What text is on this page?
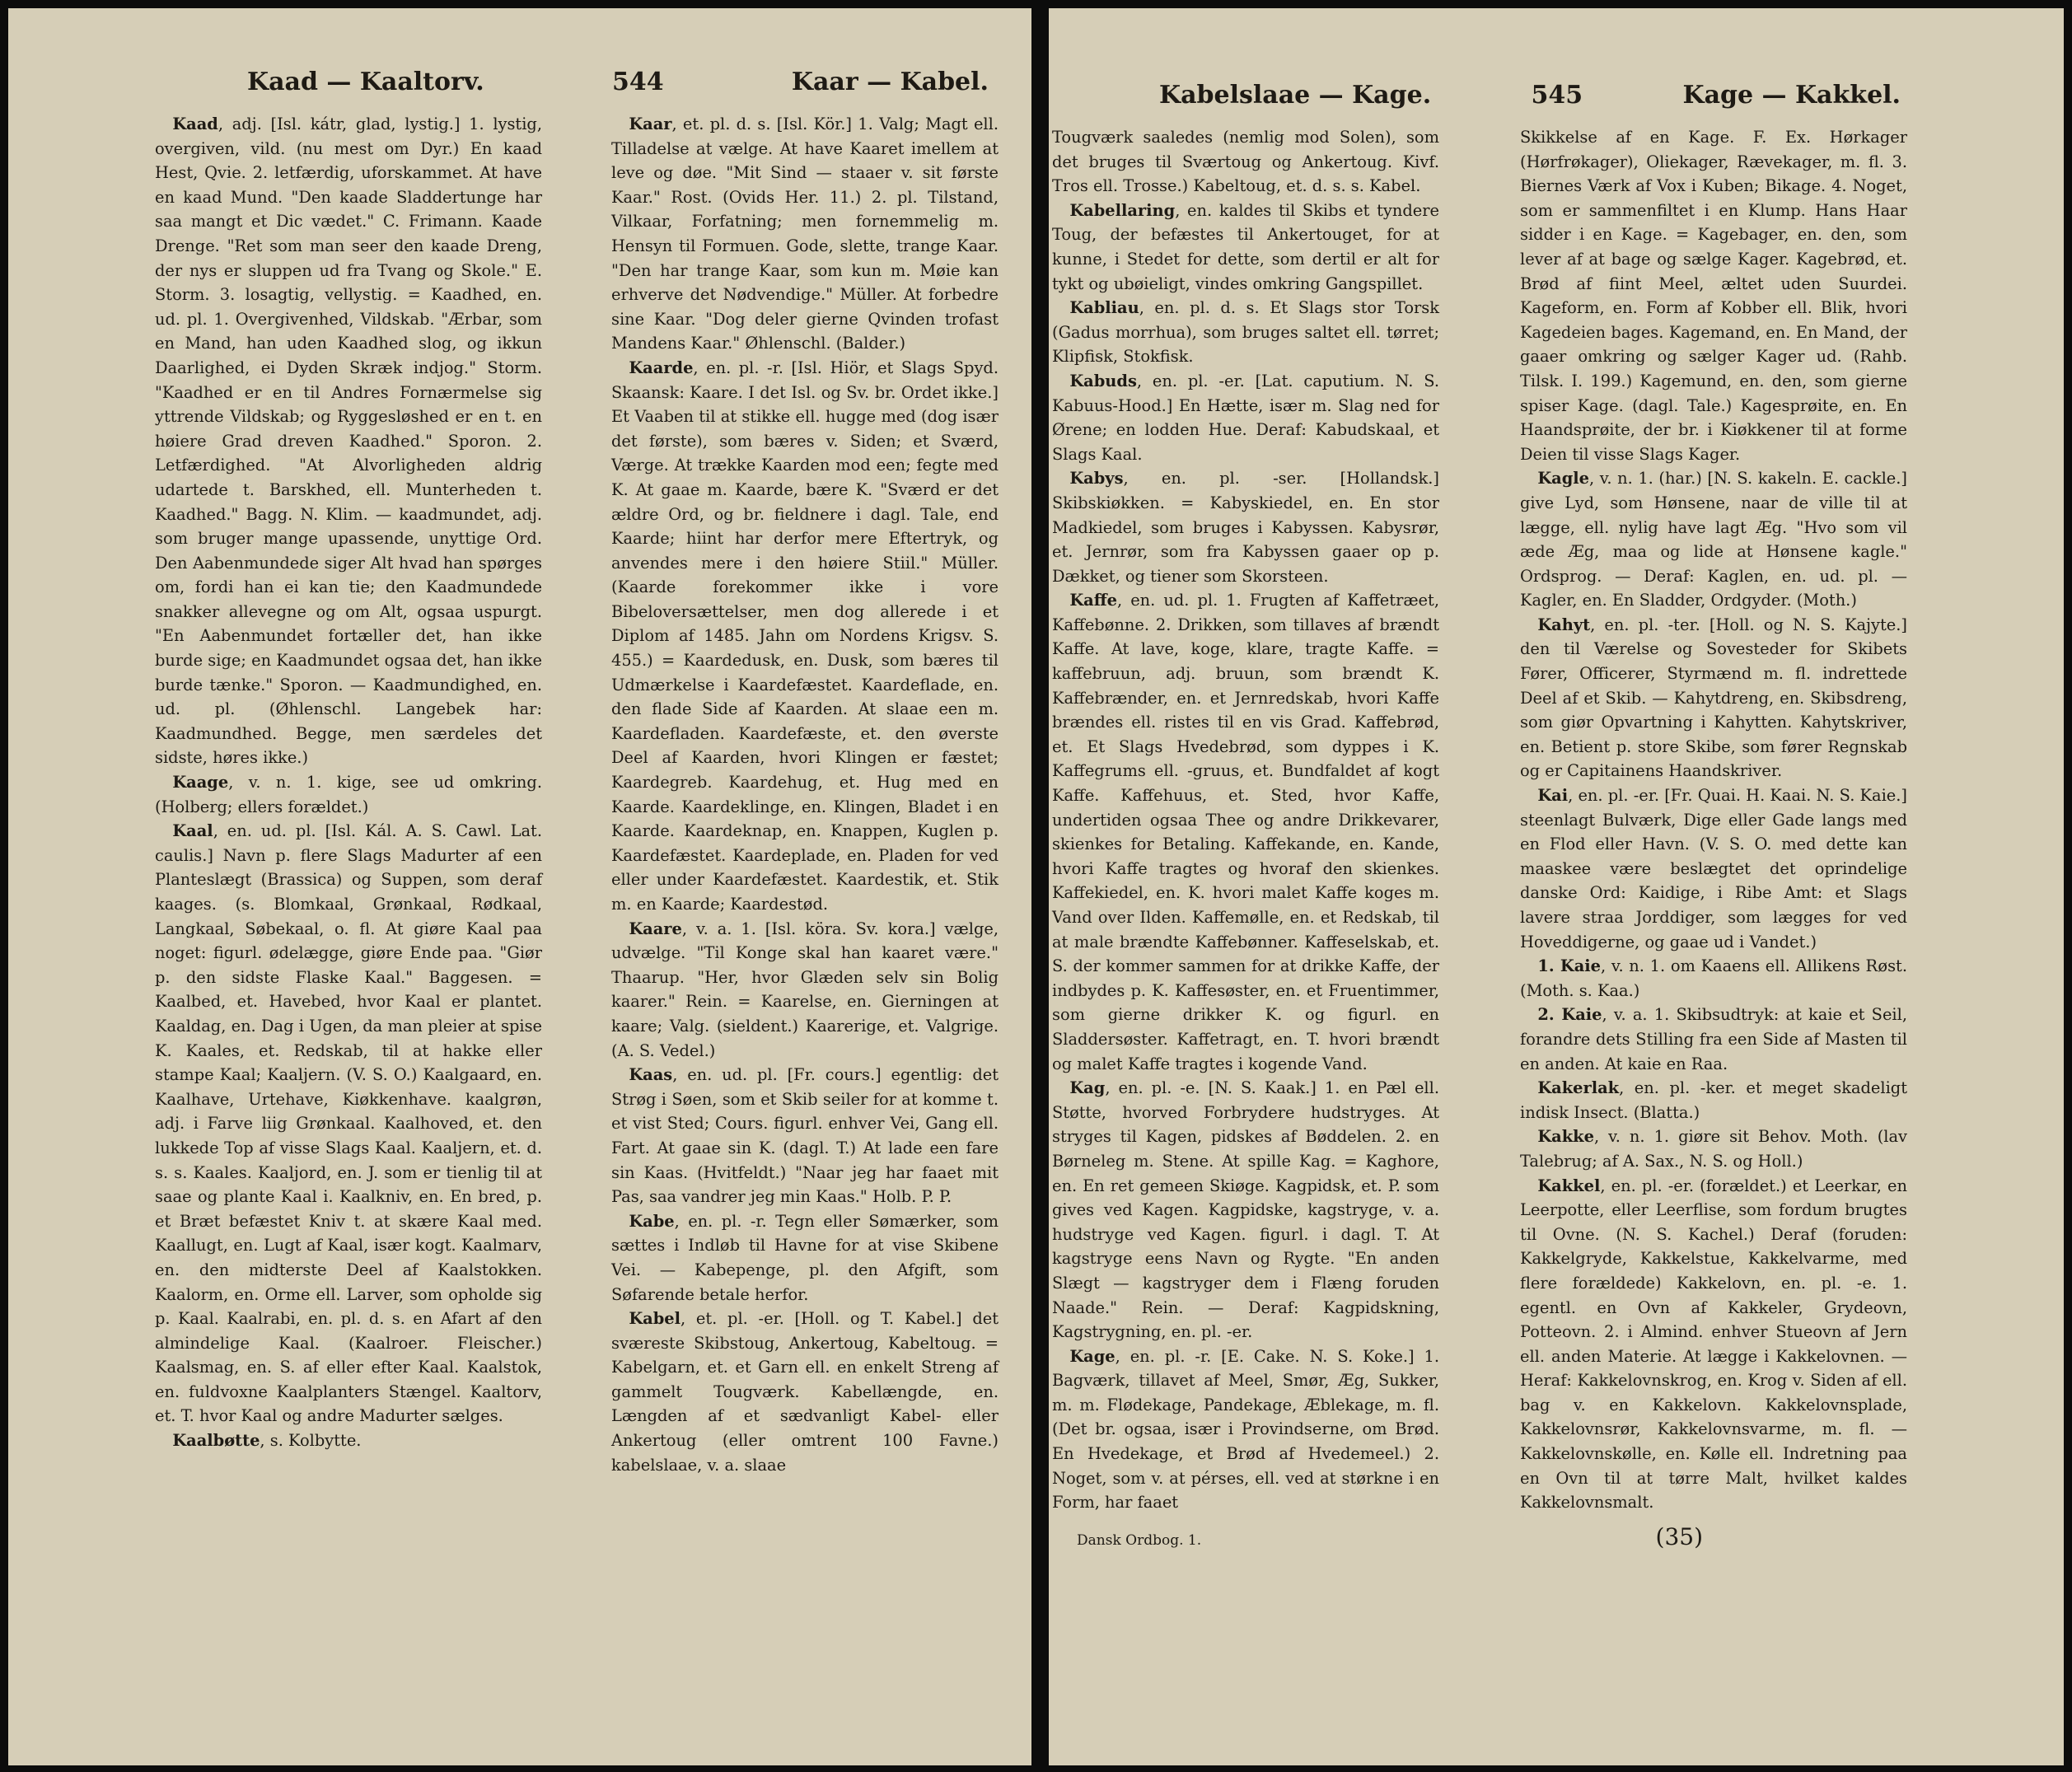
Kaad — Kaaltorv.	544	Kaar — Kabel.

Kaad, adj. [Isl. kátr, glad, lystig.] 1. lystig, overgiven, vild. (nu mest om Dyr.) En kaad Hest, Qvie. 2. letfærdig, uforskammet. At have en kaad Mund. "Den kaade Sladdertunge har saa mangt et Dic vædet." C. Frimann. Kaade Drenge. "Ret som man seer den kaade Dreng, der nys er sluppen ud fra Tvang og Skole." E. Storm. 3. losagtig, vellystig. = Kaadhed, en. ud. pl. 1. Overgivenhed, Vildskab. "Ærbar, som en Mand, han uden Kaadhed slog, og ikkun Daarlighed, ei Dyden Skræk indjog." Storm. "Kaadhed er en til Andres Fornærmelse sig yttrende Vildskab; og Ryggesløshed er en t. en høiere Grad dreven Kaadhed." Sporon. 2. Letfærdighed. "At Alvorligheden aldrig udartede t. Barskhed, ell. Munterheden t. Kaadhed." Bagg. N. Klim. — kaadmundet, adj. som bruger mange upassende, unyttige Ord. Den Aabenmundede siger Alt hvad han spørges om, fordi han ei kan tie; den Kaadmundede snakker allevegne og om Alt, ogsaa uspurgt. "En Aabenmundet fortæller det, han ikke burde sige; en Kaadmundet ogsaa det, han ikke burde tænke." Sporon. — Kaadmundighed, en. ud. pl. (Øhlenschl. Langebek har: Kaadmundhed. Begge, men særdeles det sidste, høres ikke.)

Kaage, v. n. 1. kige, see ud omkring. (Holberg; ellers forældet.)

Kaal, en. ud. pl. [Isl. Kál. A. S. Cawl. Lat. caulis.] Navn p. flere Slags Madurter af een Planteslægt (Brassica) og Suppen, som deraf kaages. (s. Blomkaal, Grønkaal, Rødkaal, Langkaal, Søbekaal, o. fl. At giøre Kaal paa noget: figurl. ødelægge, giøre Ende paa. "Giør p. den sidste Flaske Kaal." Baggesen. = Kaalbed, et. Havebed, hvor Kaal er plantet. Kaaldag, en. Dag i Ugen, da man pleier at spise K. Kaales, et. Redskab, til at hakke eller stampe Kaal; Kaaljern. (V. S. O.) Kaalgaard, en. Kaalhave, Urtehave, Kiøkkenhave. kaalgrøn, adj. i Farve liig Grønkaal. Kaalhoved, et. den lukkede Top af visse Slags Kaal. Kaaljern, et. d. s. s. Kaales. Kaaljord, en. J. som er tienlig til at saae og plante Kaal i. Kaalkniv, en. En bred, p. et Bræt befæstet Kniv t. at skære Kaal med. Kaallugt, en. Lugt af Kaal, især kogt. Kaalmarv, en. den midterste Deel af Kaalstokken. Kaalorm, en. Orme ell. Larver, som opholde sig p. Kaal. Kaalrabi, en. pl. d. s. en Afart af den almindelige Kaal. (Kaalroer. Fleischer.) Kaalsmag, en. S. af eller efter Kaal. Kaalstok, en. fuldvoxne Kaalplanters Stængel. Kaaltorv, et. T. hvor Kaal og andre Madurter sælges.

Kaalbøtte, s. Kolbytte.

Kaar, et. pl. d. s. [Isl. Kör.] 1. Valg; Magt ell. Tilladelse at vælge. At have Kaaret imellem at leve og døe. "Mit Sind — staaer v. sit første Kaar." Rost. (Ovids Her. 11.) 2. pl. Tilstand, Vilkaar, Forfatning; men fornemmelig m. Hensyn til Formuen. Gode, slette, trange Kaar. "Den har trange Kaar, som kun m. Møie kan erhverve det Nødvendige." Müller. At forbedre sine Kaar. "Dog deler gierne Qvinden trofast Mandens Kaar." Øhlenschl. (Balder.)

Kaarde, en. pl. -r. [Isl. Hiör, et Slags Spyd. Skaansk: Kaare. I det Isl. og Sv. br. Ordet ikke.] Et Vaaben til at stikke ell. hugge med (dog især det første), som bæres v. Siden; et Sværd, Værge. At trække Kaarden mod een; fegte med K. At gaae m. Kaarde, bære K. "Sværd er det ældre Ord, og br. fieldnere i dagl. Tale, end Kaarde; hiint har derfor mere Eftertryk, og anvendes mere i den høiere Stiil." Müller. (Kaarde forekommer ikke i vore Bibeloversættelser, men dog allerede i et Diplom af 1485. Jahn om Nordens Krigsv. S. 455.) = Kaardedusk, en. Dusk, som bæres til Udmærkelse i Kaardefæstet. Kaardeflade, en. den flade Side af Kaarden. At slaae een m. Kaardefladen. Kaardefæste, et. den øverste Deel af Kaarden, hvori Klingen er fæstet; Kaardegreb. Kaardehug, et. Hug med en Kaarde. Kaardeklinge, en. Klingen, Bladet i en Kaarde. Kaardeknap, en. Knappen, Kuglen p. Kaardefæstet. Kaardeplade, en. Pladen for ved eller under Kaardefæstet. Kaardestik, et. Stik m. en Kaarde; Kaardestød.

Kaare, v. a. 1. [Isl. köra. Sv. kora.] vælge, udvælge. "Til Konge skal han kaaret være." Thaarup. "Her, hvor Glæden selv sin Bolig kaarer." Rein. = Kaarelse, en. Gierningen at kaare; Valg. (sieldent.) Kaarerige, et. Valgrige. (A. S. Vedel.)

Kaas, en. ud. pl. [Fr. cours.] egentlig: det Strøg i Søen, som et Skib seiler for at komme t. et vist Sted; Cours. figurl. enhver Vei, Gang ell. Fart. At gaae sin K. (dagl. T.) At lade een fare sin Kaas. (Hvitfeldt.) "Naar jeg har faaet mit Pas, saa vandrer jeg min Kaas." Holb. P. P.

Kabe, en. pl. -r. Tegn eller Sømærker, som sættes i Indløb til Havne for at vise Skibene Vei. — Kabepenge, pl. den Afgift, som Søfarende betale herfor.

Kabel, et. pl. -er. [Holl. og T. Kabel.] det sværeste Skibstoug, Ankertoug, Kabeltoug. = Kabelgarn, et. et Garn ell. en enkelt Streng af gammelt Tougværk. Kabellængde, en. Længden af et sædvanligt Kabel- eller Ankertoug (eller omtrent 100 Favne.) kabelslaae, v. a. slaae

Kabelslaae — Kage.	545	Kage — Kakkel.

Tougværk saaledes (nemlig mod Solen), som det bruges til Sværtoug og Ankertoug. Kivf. Tros ell. Trosse.) Kabeltoug, et. d. s. s. Kabel.

Kabellaring, en. kaldes til Skibs et tyndere Toug, der befæstes til Ankertouget, for at kunne, i Stedet for dette, som dertil er alt for tykt og ubøieligt, vindes omkring Gangspillet.

Kabliau, en. pl. d. s. Et Slags stor Torsk (Gadus morrhua), som bruges saltet ell. tørret; Klipfisk, Stokfisk.

Kabuds, en. pl. -er. [Lat. caputium. N. S. Kabuus-Hood.] En Hætte, især m. Slag ned for Ørene; en lodden Hue. Deraf: Kabudskaal, et Slags Kaal.

Kabys, en. pl. -ser. [Hollandsk.] Skibskiøkken. = Kabyskiedel, en. En stor Madkiedel, som bruges i Kabyssen. Kabysrør, et. Jernrør, som fra Kabyssen gaaer op p. Dækket, og tiener som Skorsteen.

Kaffe, en. ud. pl. 1. Frugten af Kaffetræet, Kaffebønne. 2. Drikken, som tillaves af brændt Kaffe. At lave, koge, klare, tragte Kaffe. = kaffebruun, adj. bruun, som brændt K. Kaffebrænder, en. et Jernredskab, hvori Kaffe brændes ell. ristes til en vis Grad. Kaffebrød, et. Et Slags Hvedebrød, som dyppes i K. Kaffegrums ell. -gruus, et. Bundfaldet af kogt Kaffe. Kaffehuus, et. Sted, hvor Kaffe, undertiden ogsaa Thee og andre Drikkevarer, skienkes for Betaling. Kaffekande, en. Kande, hvori Kaffe tragtes og hvoraf den skienkes. Kaffekiedel, en. K. hvori malet Kaffe koges m. Vand over Ilden. Kaffemølle, en. et Redskab, til at male brændte Kaffebønner. Kaffeselskab, et. S. der kommer sammen for at drikke Kaffe, der indbydes p. K. Kaffesøster, en. et Fruentimmer, som gierne drikker K. og figurl. en Sladdersøster. Kaffetragt, en. T. hvori brændt og malet Kaffe tragtes i kogende Vand.

Kag, en. pl. -e. [N. S. Kaak.] 1. en Pæl ell. Støtte, hvorved Forbrydere hudstryges. At stryges til Kagen, pidskes af Bøddelen. 2. en Børneleg m. Stene. At spille Kag. = Kaghore, en. En ret gemeen Skiøge. Kagpidsk, et. P. som gives ved Kagen. Kagpidske, kagstryge, v. a. hudstryge ved Kagen. figurl. i dagl. T. At kagstryge eens Navn og Rygte. "En anden Slægt — kagstryger dem i Flæng foruden Naade." Rein. — Deraf: Kagpidskning, Kagstrygning, en. pl. -er.

Kage, en. pl. -r. [E. Cake. N. S. Koke.] 1. Bagværk, tillavet af Meel, Smør, Æg, Sukker, m. m. Flødekage, Pandekage, Æblekage, m. fl. (Det br. ogsaa, især i Provindserne, om Brød. En Hvedekage, et Brød af Hvedemeel.) 2. Noget, som v. at pérses, ell. ved at størkne i en Form, har faaet

Skikkelse af en Kage. F. Ex. Hørkager (Hørfrøkager), Oliekager, Rævekager, m. fl. 3. Biernes Værk af Vox i Kuben; Bikage. 4. Noget, som er sammenfiltet i en Klump. Hans Haar sidder i en Kage. = Kagebager, en. den, som lever af at bage og sælge Kager. Kagebrød, et. Brød af fiint Meel, æltet uden Suurdei. Kageform, en. Form af Kobber ell. Blik, hvori Kagedeien bages. Kagemand, en. En Mand, der gaaer omkring og sælger Kager ud. (Rahb. Tilsk. I. 199.) Kagemund, en. den, som gierne spiser Kage. (dagl. Tale.) Kagesprøite, en. En Haandsprøite, der br. i Kiøkkener til at forme Deien til visse Slags Kager.

Kagle, v. n. 1. (har.) [N. S. kakeln. E. cackle.] give Lyd, som Hønsene, naar de ville til at lægge, ell. nylig have lagt Æg. "Hvo som vil æde Æg, maa og lide at Hønsene kagle." Ordsprog. — Deraf: Kaglen, en. ud. pl. — Kagler, en. En Sladder, Ordgyder. (Moth.)

Kahyt, en. pl. -ter. [Holl. og N. S. Kajyte.] den til Værelse og Sovesteder for Skibets Fører, Officerer, Styrmænd m. fl. indrettede Deel af et Skib. — Kahytdreng, en. Skibsdreng, som giør Opvartning i Kahytten. Kahytskriver, en. Betient p. store Skibe, som fører Regnskab og er Capitainens Haandskriver.

Kai, en. pl. -er. [Fr. Quai. H. Kaai. N. S. Kaie.] steenlagt Bulværk, Dige eller Gade langs med en Flod eller Havn. (V. S. O. med dette kan maaskee være beslægtet det oprindelige danske Ord: Kaidige, i Ribe Amt: et Slags lavere straa Jorddiger, som lægges for ved Hoveddigerne, og gaae ud i Vandet.)

1. Kaie, v. n. 1. om Kaaens ell. Allikens Røst. (Moth. s. Kaa.)

2. Kaie, v. a. 1. Skibsudtryk: at kaie et Seil, forandre dets Stilling fra een Side af Masten til en anden. At kaie en Raa.

Kakerlak, en. pl. -ker. et meget skadeligt indisk Insect. (Blatta.)

Kakke, v. n. 1. giøre sit Behov. Moth. (lav Talebrug; af A. Sax., N. S. og Holl.)

Kakkel, en. pl. -er. (forældet.) et Leerkar, en Leerpotte, eller Leerflise, som fordum brugtes til Ovne. (N. S. Kachel.) Deraf (foruden: Kakkelgryde, Kakkelstue, Kakkelvarme, med flere forældede) Kakkelovn, en. pl. -e. 1. egentl. en Ovn af Kakkeler, Grydeovn, Potteovn. 2. i Almind. enhver Stueovn af Jern ell. anden Materie. At lægge i Kakkelovnen. — Heraf: Kakkelovnskrog, en. Krog v. Siden af ell. bag v. en Kakkelovn. Kakkelovnsplade, Kakkelovnsrør, Kakkelovnsvarme, m. fl. — Kakkelovnskølle, en. Kølle ell. Indretning paa en Ovn til at tørre Malt, hvilket kaldes Kakkelovnsmalt.

Dansk Ordbog. 1.	(35)
